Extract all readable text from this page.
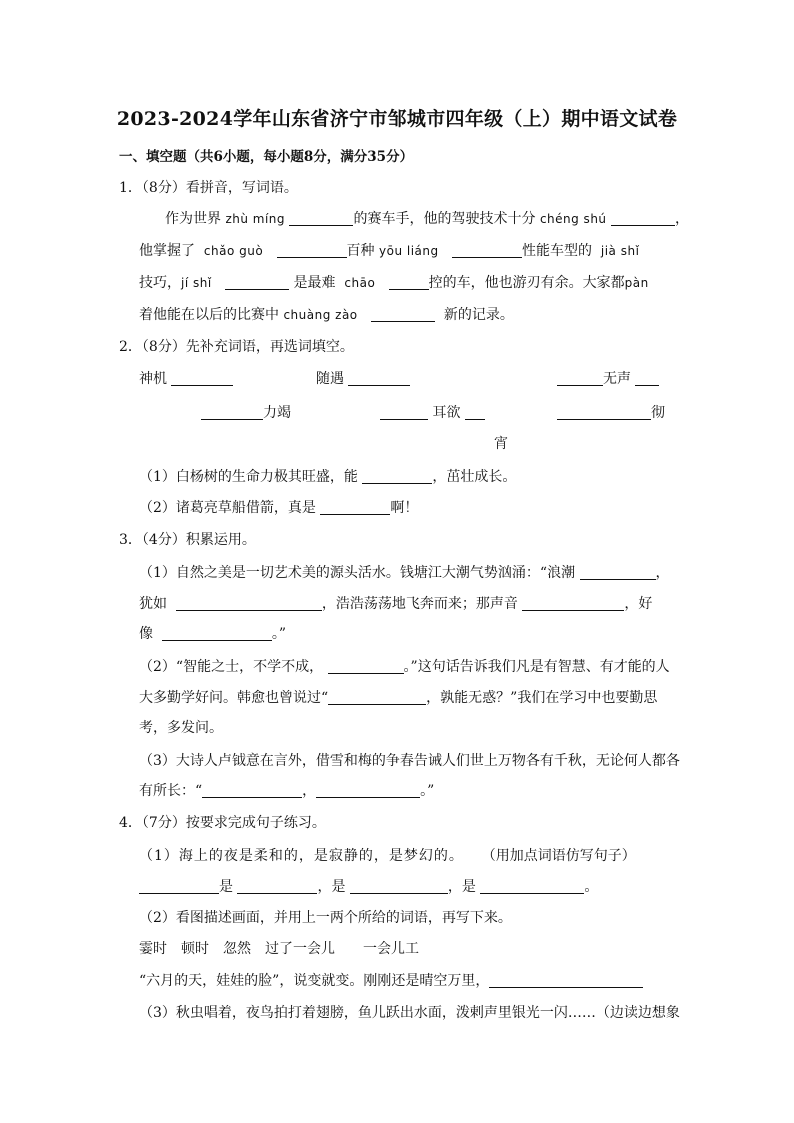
2023-2024学年山东省济宁市邹城市四年级（上）期中语文试卷
一、填空题（共6小题，每小题8分，满分35分）
1．（8分）看拼音，写词语。
作为世界 zhù míng	的赛车手，他的驾驶技术十分 chéng shú	，
他掌握了 chǎo guò	百种 yōu liáng	性能车型的 jià shǐ
技巧，jí shǐ	是最难 chāo	控的车，他也游刃有余。大家都pàn
着他能在以后的比赛中 chuàng zào	新的记录。
2．（8分）先补充词语，再选词填空。
神机	随遇	无声
力竭	耳欲	彻
宵
（1）白杨树的生命力极其旺盛，能	，茁壮成长。
（2）诸葛亮草船借箭，真是	啊！
3．（4分）积累运用。
（1）自然之美是一切艺术美的源头活水。钱塘江大潮气势汹涌：“浪潮	，
犹如	，浩浩荡荡地飞奔而来；那声音	，好
像	。”
（2）“智能之士，不学不成，	。”这句话告诉我们凡是有智慧、有才能的人
大多勤学好问。韩愈也曾说过“	，孰能无惑？”我们在学习中也要勤思
考，多发问。
（3）大诗人卢钺意在言外，借雪和梅的争春告诫人们世上万物各有千秋，无论何人都各
有所长：“	，	。”
4．（7分）按要求完成句子练习。
（1）海上的夜是柔和的，是寂静的，是梦幻的。 （用加点词语仿写句子）
是	，是	，是	。
（2）看图描述画面，并用上一两个所给的词语，再写下来。
霎时　顿时　忽然　过了一会儿　　一会儿工
“六月的天，娃娃的脸”，说变就变。刚刚还是晴空万里，
（3）秋虫唱着，夜鸟拍打着翅膀，鱼儿跃出水面，泼剌声里银光一闪……（边读边想象
